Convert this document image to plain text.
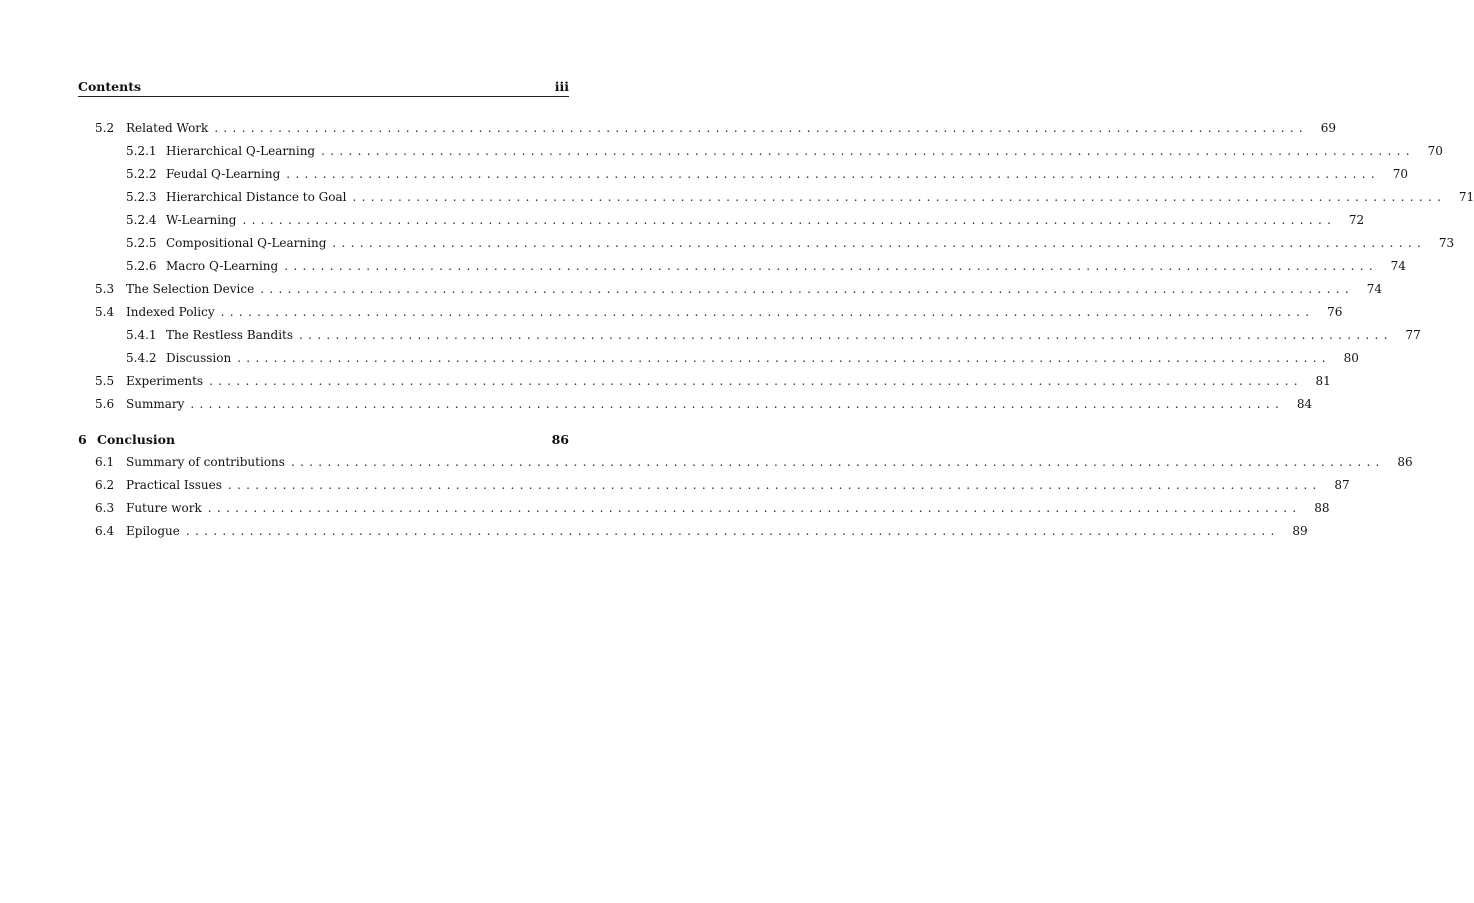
Contents	iii
5.2 Related Work ........................................................................................................................	69
5.2.1 Hierarchical Q-Learning ........................................................................................................................	70
5.2.2 Feudal Q-Learning ........................................................................................................................	70
5.2.3 Hierarchical Distance to Goal ........................................................................................................................	71
5.2.4 W-Learning ........................................................................................................................	72
5.2.5 Compositional Q-Learning ........................................................................................................................	73
5.2.6 Macro Q-Learning ........................................................................................................................	74
5.3 The Selection Device ........................................................................................................................	74
5.4 Indexed Policy ........................................................................................................................	76
5.4.1 The Restless Bandits ........................................................................................................................	77
5.4.2 Discussion ........................................................................................................................	80
5.5 Experiments ........................................................................................................................	81
5.6 Summary ........................................................................................................................	84
6 Conclusion	86
6.1 Summary of contributions ........................................................................................................................	86
6.2 Practical Issues ........................................................................................................................	87
6.3 Future work ........................................................................................................................	88
6.4 Epilogue ........................................................................................................................	89
